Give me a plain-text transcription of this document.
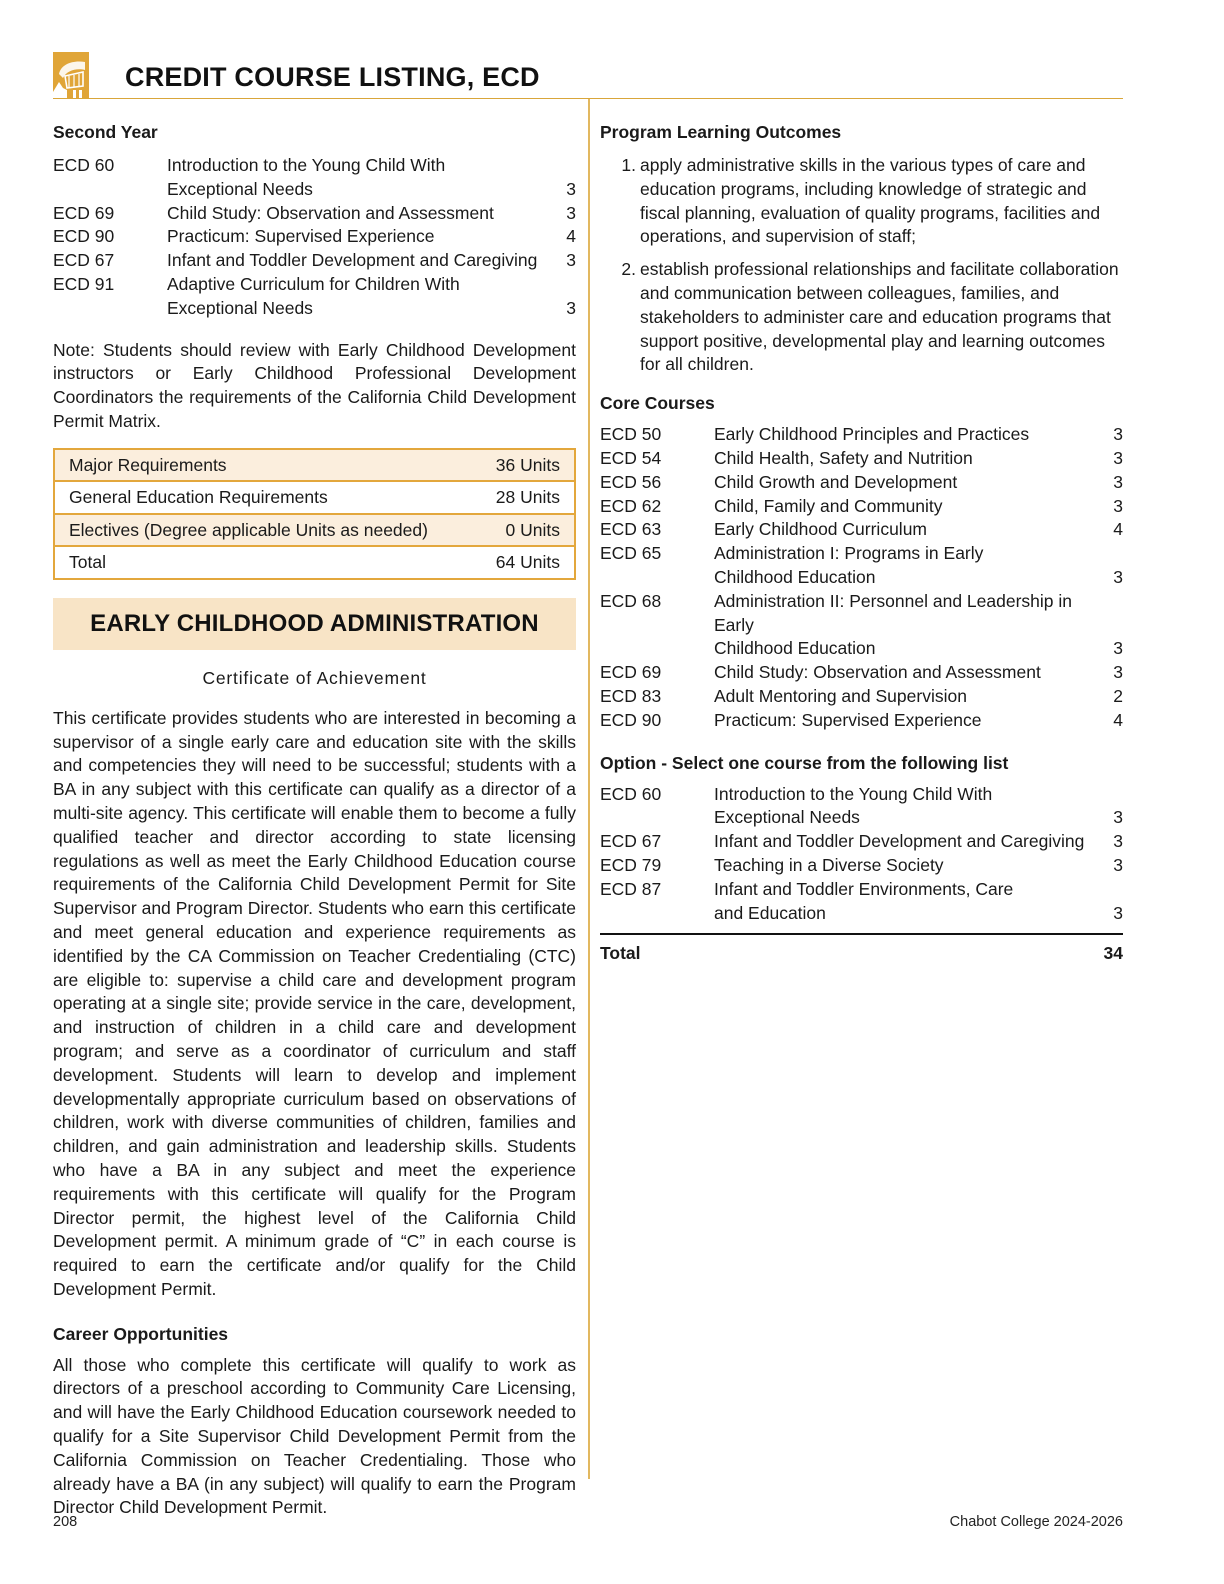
CREDIT COURSE LISTING, ECD
Second Year
ECD 60	Introduction to the Young Child With	
	Exceptional Needs	3
ECD 69	Child Study: Observation and Assessment	3
ECD 90	Practicum: Supervised Experience	4
ECD 67	Infant and Toddler Development and Caregiving	3
ECD 91	Adaptive Curriculum for Children With	
	Exceptional Needs	3

Note: Students should review with Early Childhood Development instructors or Early Childhood Professional Development Coordinators the requirements of the California Child Development Permit Matrix.

Major Requirements	36 Units
General Education Requirements	28 Units
Electives (Degree applicable Units as needed)	0 Units
Total	64 Units
EARLY CHILDHOOD ADMINISTRATION
Certificate of Achievement

This certificate provides students who are interested in becoming a supervisor of a single early care and education site with the skills and competencies they will need to be successful; students with a BA in any subject with this certificate can qualify as a director of a multi-site agency. This certificate will enable them to become a fully qualified teacher and director according to state licensing regulations as well as meet the Early Childhood Education course requirements of the California Child Development Permit for Site Supervisor and Program Director. Students who earn this certificate and meet general education and experience requirements as identified by the CA Commission on Teacher Credentialing (CTC) are eligible to: supervise a child care and development program operating at a single site; provide service in the care, development, and instruction of children in a child care and development program; and serve as a coordinator of curriculum and staff development. Students will learn to develop and implement developmentally appropriate curriculum based on observations of children, work with diverse communities of children, families and children, and gain administration and leadership skills. Students who have a BA in any subject and meet the experience requirements with this certificate will qualify for the Program Director permit, the highest level of the California Child Development permit. A minimum grade of “C” in each course is required to earn the certificate and/or qualify for the Child Development Permit.

Career Opportunities

All those who complete this certificate will qualify to work as directors of a preschool according to Community Care Licensing, and will have the Early Childhood Education coursework needed to qualify for a Site Supervisor Child Development Permit from the California Commission on Teacher Credentialing. Those who already have a BA (in any subject) will qualify to earn the Program Director Child Development Permit.

Program Learning Outcomes
1. apply administrative skills in the various types of care and education programs, including knowledge of strategic and fiscal planning, evaluation of quality programs, facilities and operations, and supervision of staff;
2. establish professional relationships and facilitate collaboration and communication between colleagues, families, and stakeholders to administer care and education programs that support positive, developmental play and learning outcomes for all children.
Core Courses
ECD 50	Early Childhood Principles and Practices	3
ECD 54	Child Health, Safety and Nutrition	3
ECD 56	Child Growth and Development	3
ECD 62	Child, Family and Community	3
ECD 63	Early Childhood Curriculum	4
ECD 65	Administration I: Programs in Early	
	Childhood Education	3
ECD 68	Administration II: Personnel and Leadership in Early	
	Childhood Education	3
ECD 69	Child Study: Observation and Assessment	3
ECD 83	Adult Mentoring and Supervision	2
ECD 90	Practicum: Supervised Experience	4
Option - Select one course from the following list
ECD 60	Introduction to the Young Child With	
	Exceptional Needs	3
ECD 67	Infant and Toddler Development and Caregiving	3
ECD 79	Teaching in a Diverse Society	3
ECD 87	Infant and Toddler Environments, Care	
	and Education	3
Total	34
208	Chabot College 2024-2026
